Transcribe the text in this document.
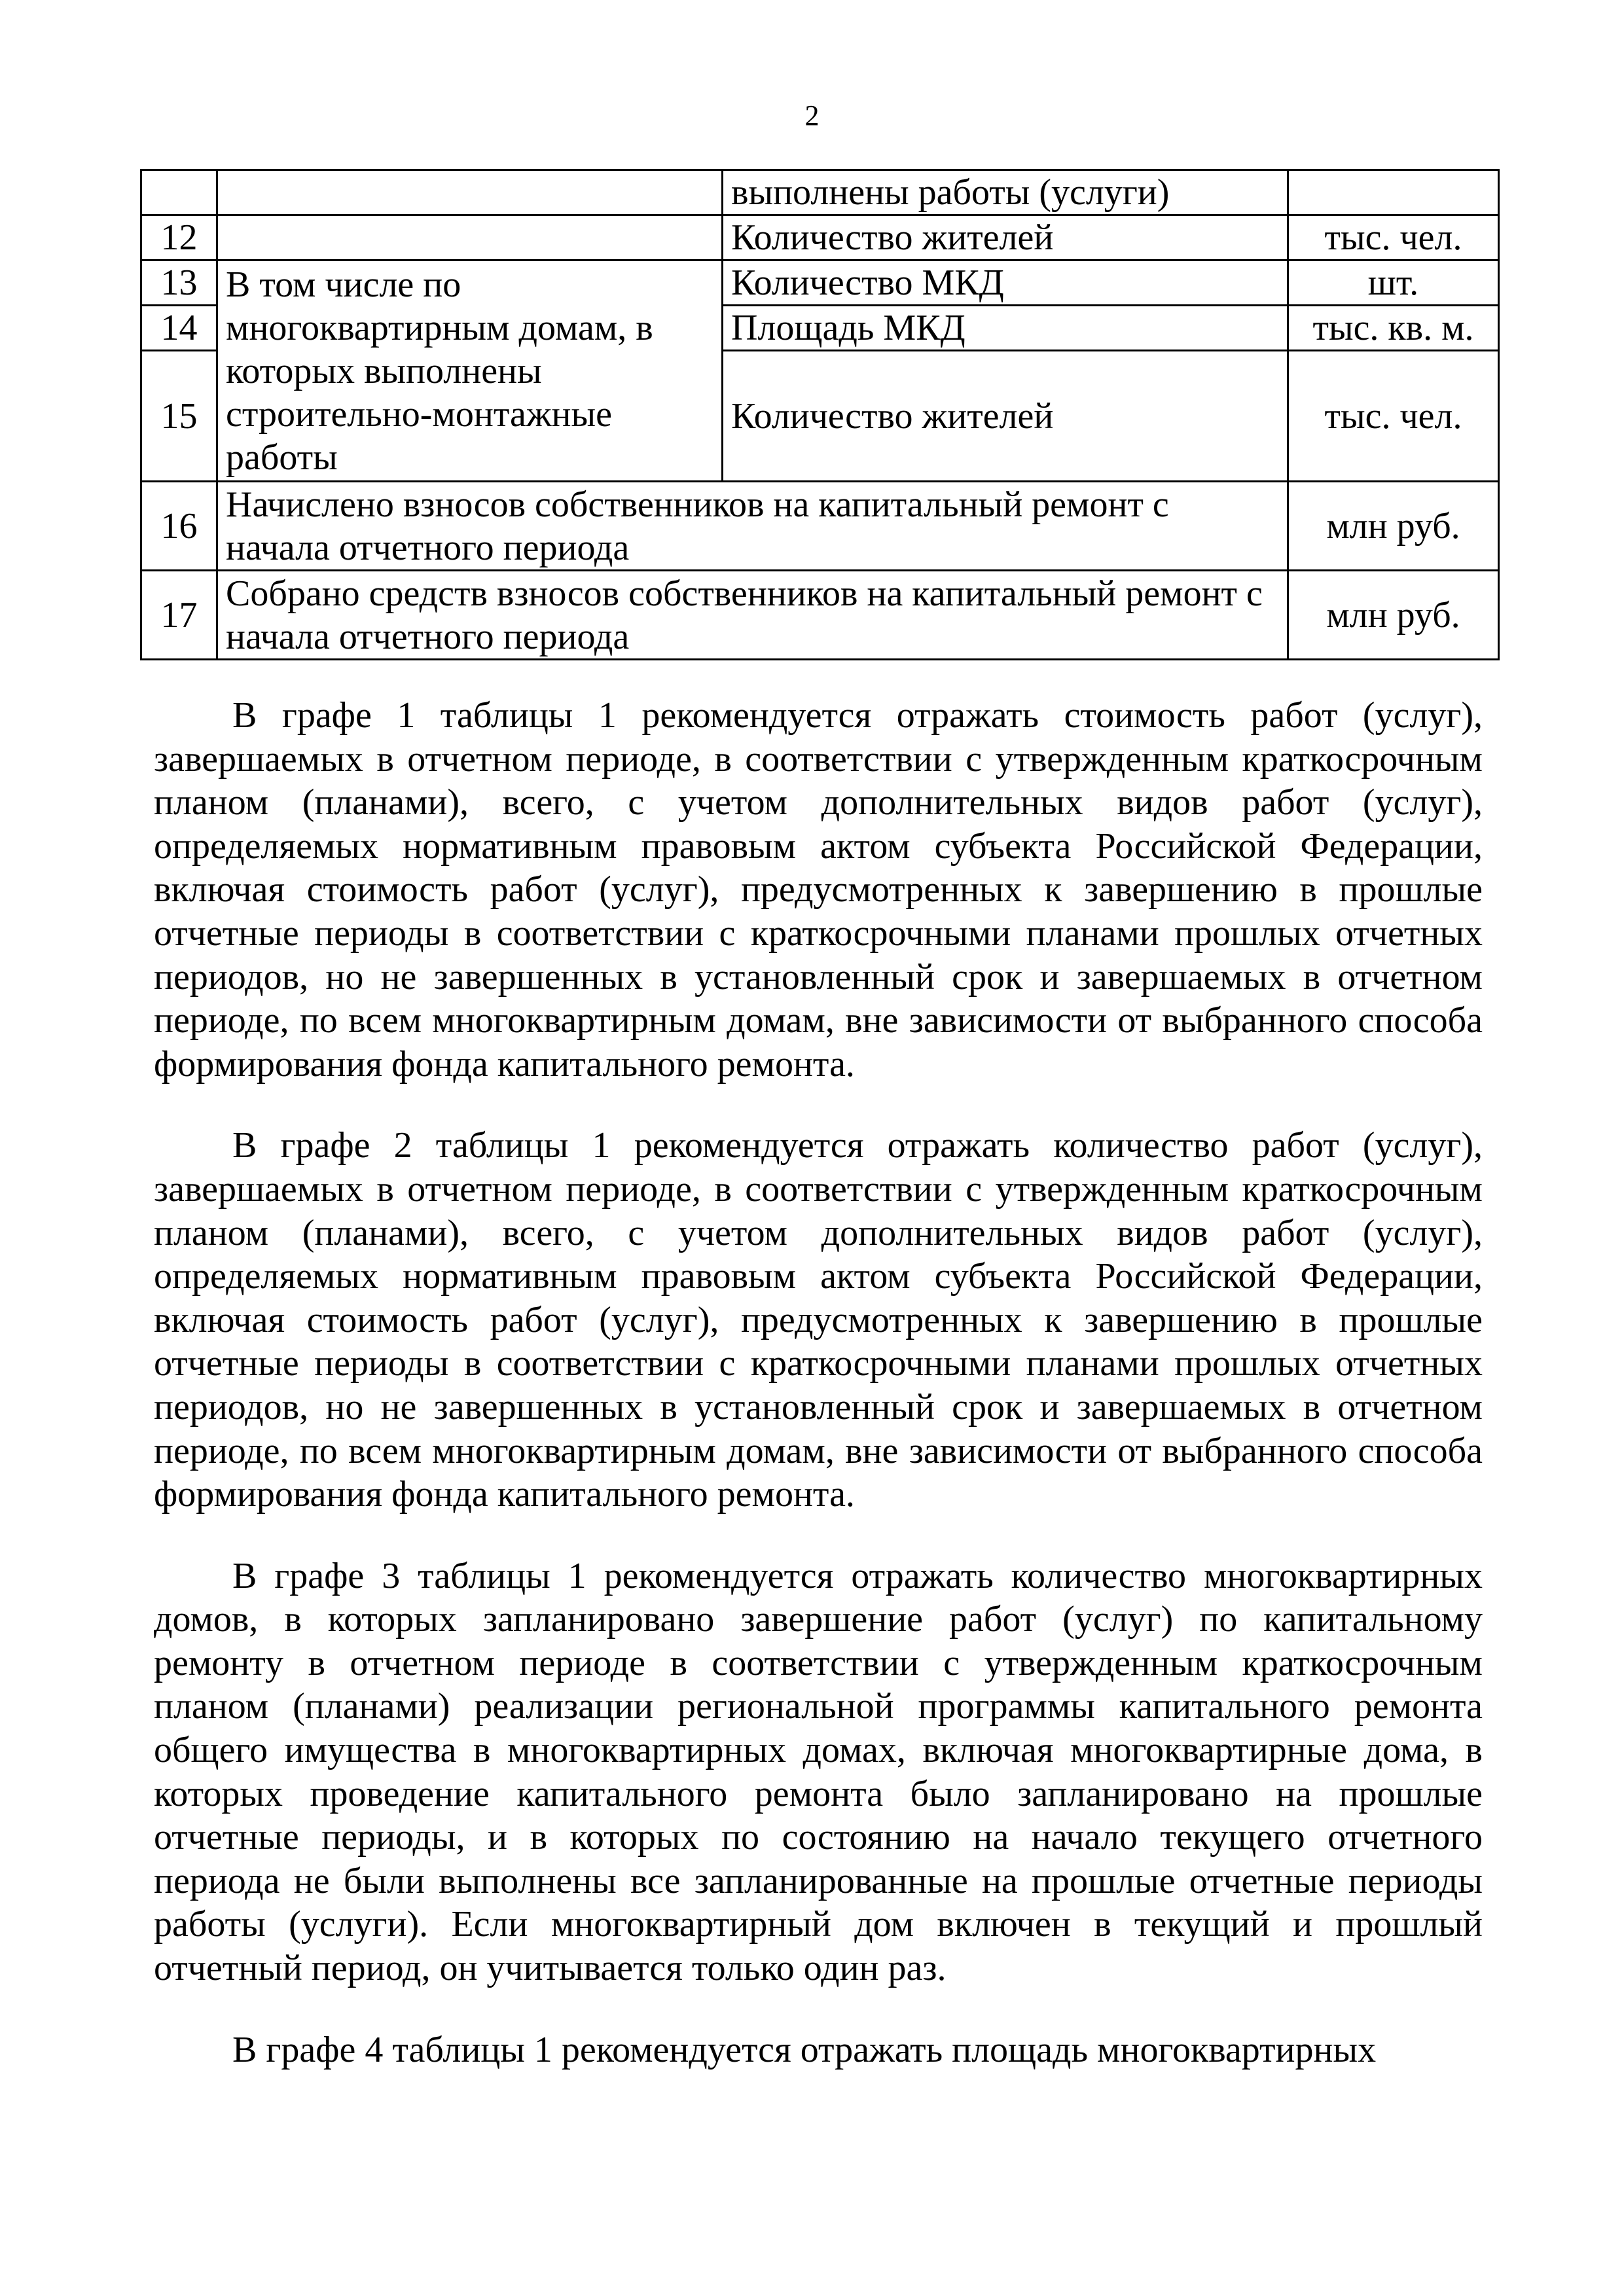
2
		выполнены работы (услуги)	
12		Количество жителей	тыс. чел.
13	В том числе по многоквартирным домам, в которых выполнены строительно-монтажные работы	Количество МКД	шт.
14		Площадь МКД	тыс. кв. м.
15		Количество жителей	тыс. чел.
16	Начислено взносов собственников на капитальный ремонт с начала отчетного периода		млн руб.
17	Собрано средств взносов собственников на капитальный ремонт с начала отчетного периода		млн руб.

В графе 1 таблицы 1 рекомендуется отражать стоимость работ (услуг), завершаемых в отчетном периоде, в соответствии с утвержденным краткосрочным планом (планами), всего, с учетом дополнительных видов работ (услуг), определяемых нормативным правовым актом субъекта Российской Федерации, включая стоимость работ (услуг), предусмотренных к завершению в прошлые отчетные периоды в соответствии с краткосрочными планами прошлых отчетных периодов, но не завершенных в установленный срок и завершаемых в отчетном периоде, по всем многоквартирным домам, вне зависимости от выбранного способа формирования фонда капитального ремонта.

В графе 2 таблицы 1 рекомендуется отражать количество работ (услуг), завершаемых в отчетном периоде, в соответствии с утвержденным краткосрочным планом (планами), всего, с учетом дополнительных видов работ (услуг), определяемых нормативным правовым актом субъекта Российской Федерации, включая стоимость работ (услуг), предусмотренных к завершению в прошлые отчетные периоды в соответствии с краткосрочными планами прошлых отчетных периодов, но не завершенных в установленный срок и завершаемых в отчетном периоде, по всем многоквартирным домам, вне зависимости от выбранного способа формирования фонда капитального ремонта.

В графе 3 таблицы 1 рекомендуется отражать количество многоквартирных домов, в которых запланировано завершение работ (услуг) по капитальному ремонту в отчетном периоде в соответствии с утвержденным краткосрочным планом (планами) реализации региональной программы капитального ремонта общего имущества в многоквартирных домах, включая многоквартирные дома, в которых проведение капитального ремонта было запланировано на прошлые отчетные периоды, и в которых по состоянию на начало текущего отчетного периода не были выполнены все запланированные на прошлые отчетные периоды работы (услуги). Если многоквартирный дом включен в текущий и прошлый отчетный период, он учитывается только один раз.

В графе 4 таблицы 1 рекомендуется отражать площадь многоквартирных
